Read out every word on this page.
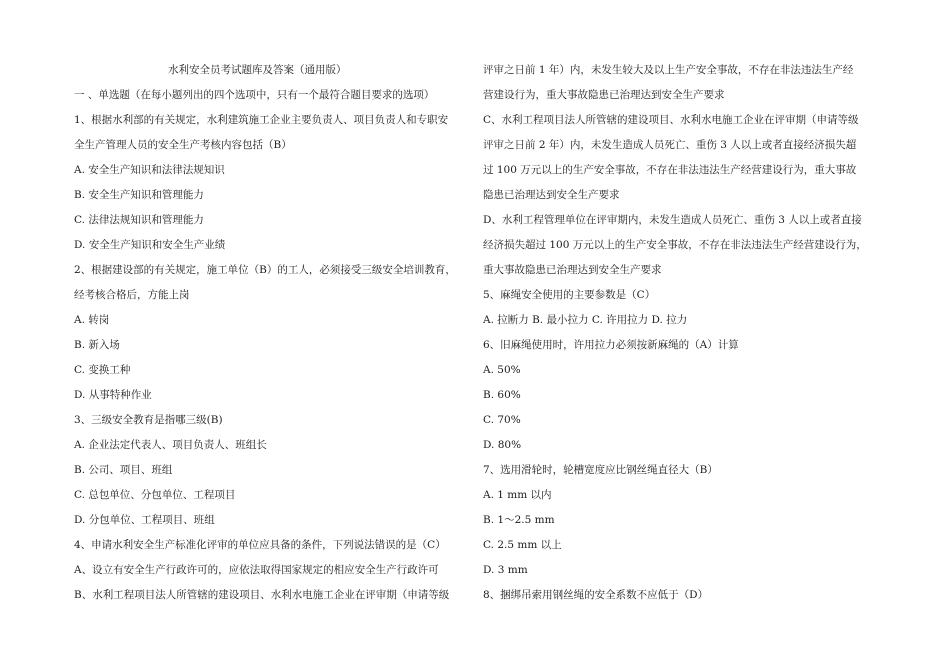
水利安全员考试题库及答案（通用版）
一 、单选题（在每小题列出的四个选项中，只有一个最符合题目要求的选项）
1、根据水利部的有关规定，水利建筑施工企业主要负责人、项目负责人和专职安
全生产管理人员的安全生产考核内容包括（B）
A. 安全生产知识和法律法规知识
B. 安全生产知识和管理能力
C. 法律法规知识和管理能力
D. 安全生产知识和安全生产业绩
2、根据建设部的有关规定，施工单位（B）的工人，必须接受三级安全培训教育，
经考核合格后，方能上岗
A. 转岗
B. 新入场
C. 变换工种
D. 从事特种作业
3、三级安全教育是指哪三级(B)
A. 企业法定代表人、项目负责人、班组长
B. 公司、项目、班组
C. 总包单位、分包单位、工程项目
D. 分包单位、工程项目、班组
4、申请水利安全生产标准化评审的单位应具备的条件，下列说法错误的是（C）
A、设立有安全生产行政许可的，应依法取得国家规定的相应安全生产行政许可
B、水利工程项目法人所管辖的建设项目、水利水电施工企业在评审期（申请等级
评审之日前 1 年）内，未发生较大及以上生产安全事故，不存在非法违法生产经
营建设行为，重大事故隐患已治理达到安全生产要求
C、水利工程项目法人所管辖的建设项目、水利水电施工企业在评审期（申请等级
评审之日前 2 年）内，未发生造成人员死亡、重伤 3 人以上或者直接经济损失超
过 100 万元以上的生产安全事故，不存在非法违法生产经营建设行为，重大事故
隐患已治理达到安全生产要求
D、水利工程管理单位在评审期内，未发生造成人员死亡、重伤 3 人以上或者直接
经济损失超过 100 万元以上的生产安全事故，不存在非法违法生产经营建设行为，
重大事故隐患已治理达到安全生产要求
5、麻绳安全使用的主要参数是（C）
A. 拉断力 B. 最小拉力 C. 许用拉力 D. 拉力
6、旧麻绳使用时，许用拉力必须按新麻绳的（A）计算
A. 50%
B. 60%
C. 70%
D. 80%
7、选用滑轮时，轮槽宽度应比钢丝绳直径大（B）
A. 1 mm 以内
B. 1～2.5 mm
C. 2.5 mm 以上
D. 3 mm
8、捆绑吊索用钢丝绳的安全系数不应低于（D）
